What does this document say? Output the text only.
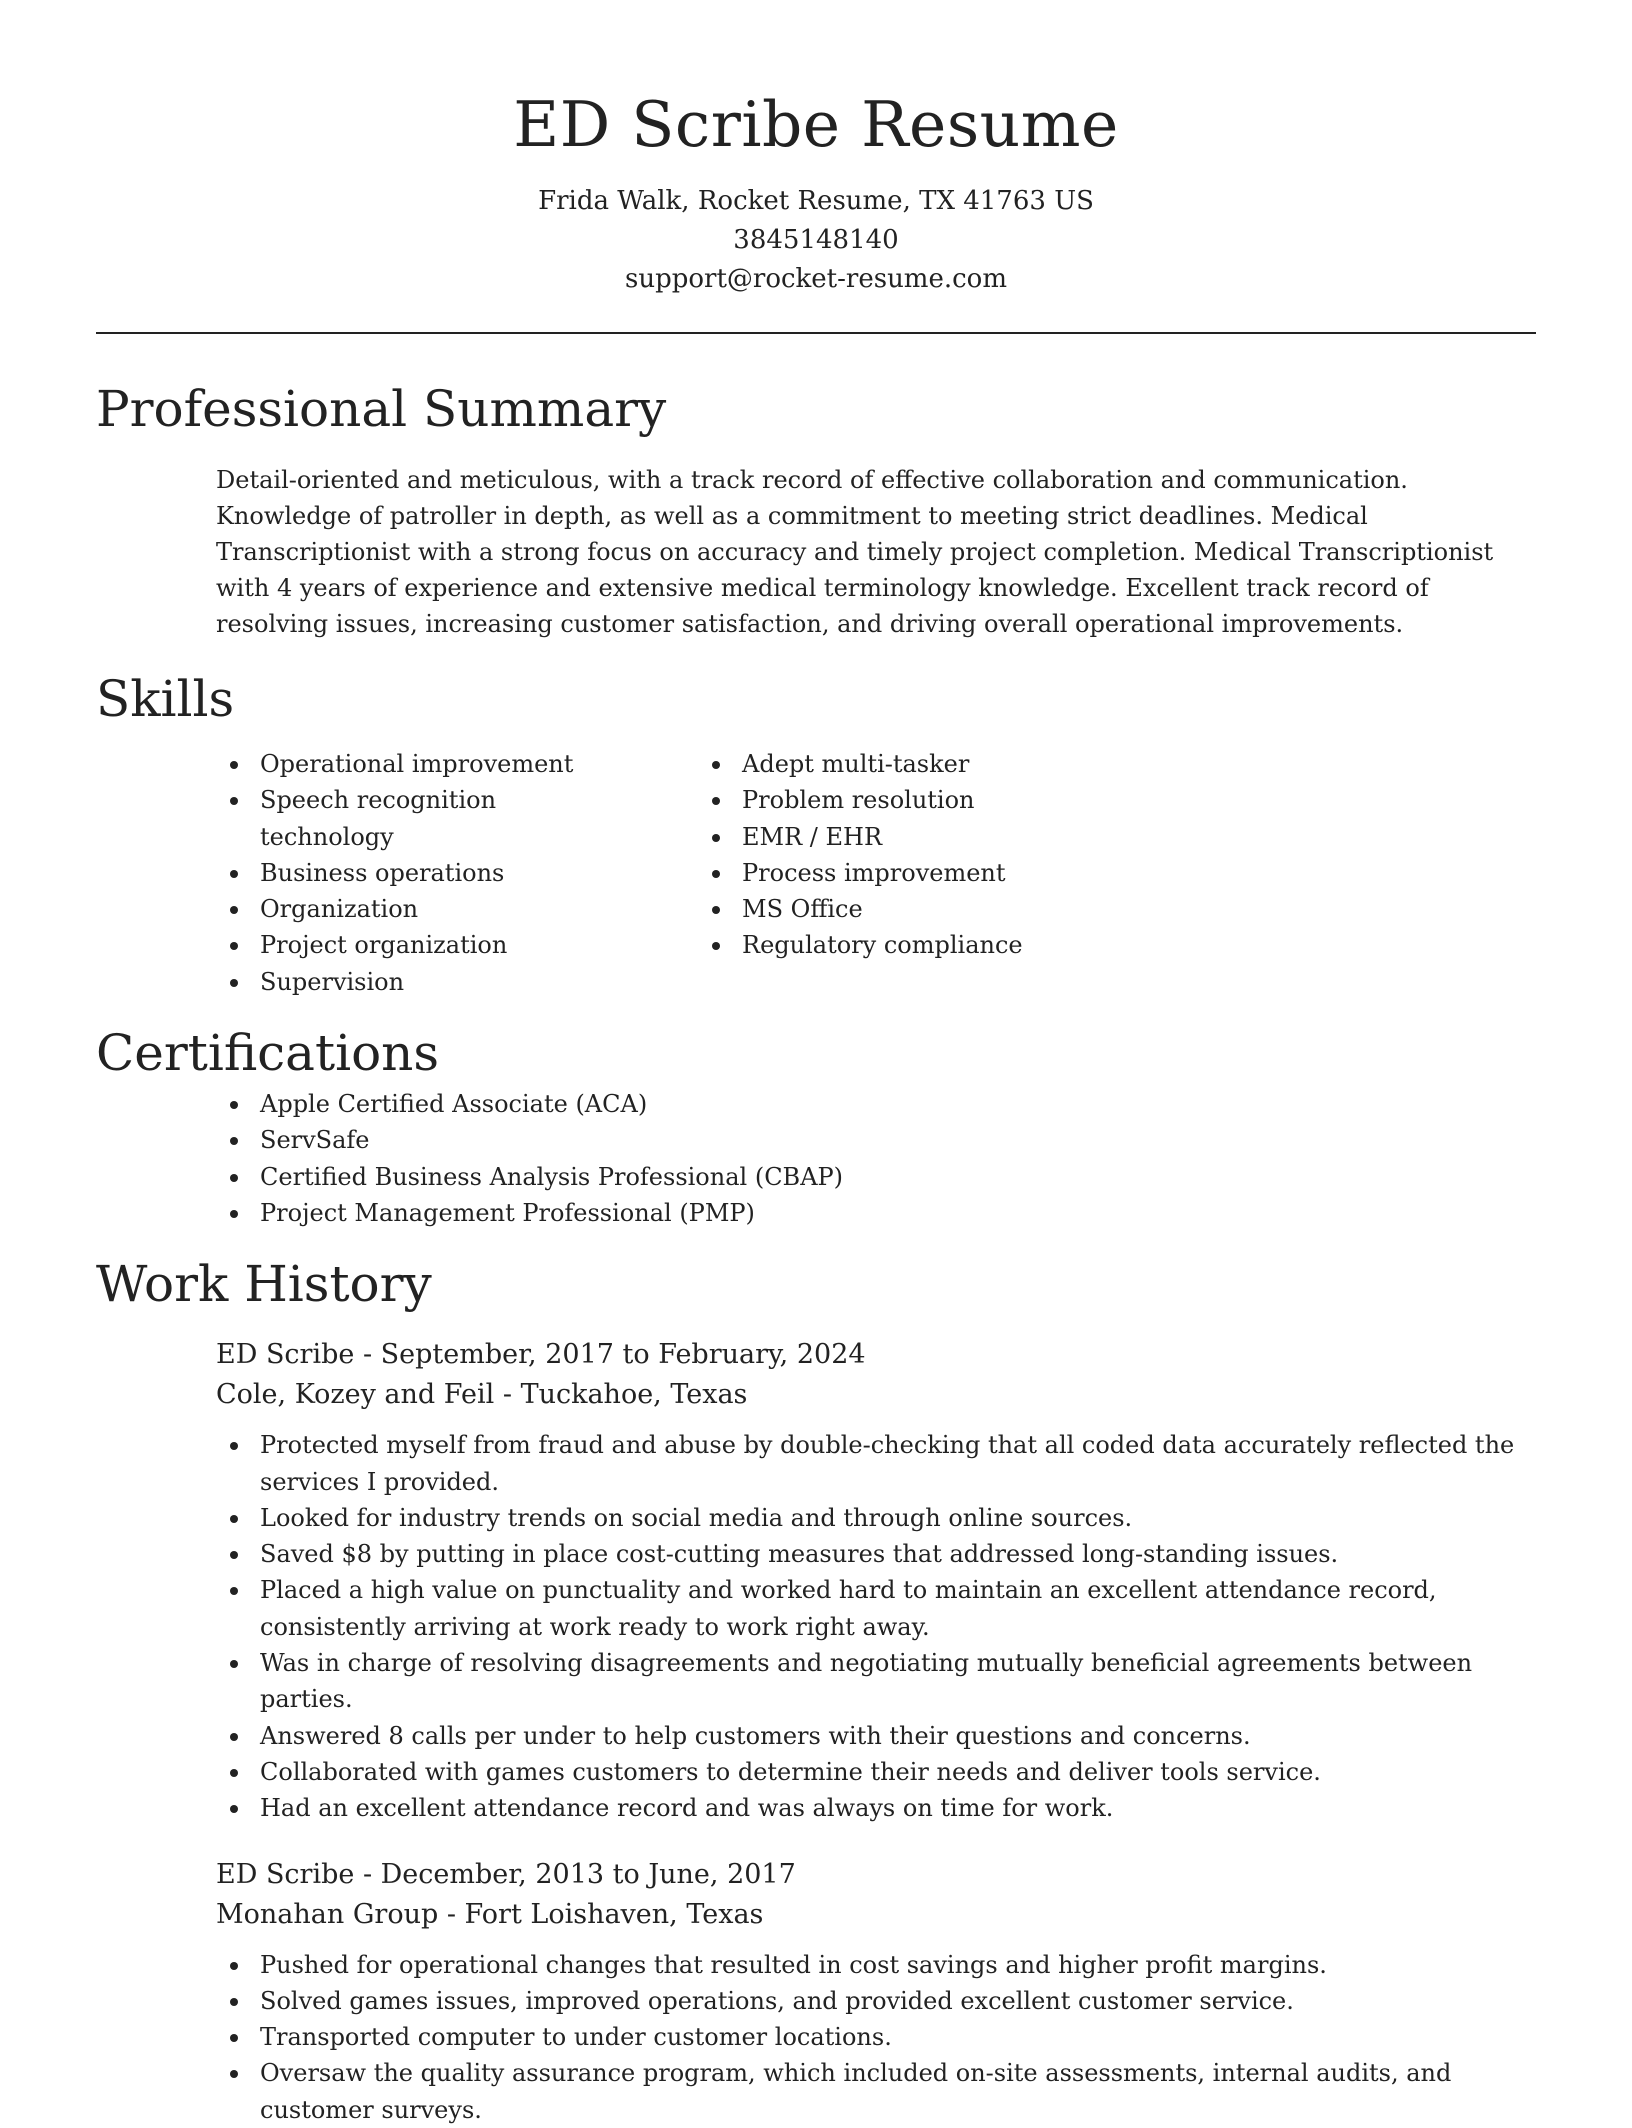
ED Scribe Resume

Frida Walk, Rocket Resume, TX 41763 US

3845148140

support@rocket-resume.com

Professional Summary

Detail-oriented and meticulous, with a track record of effective collaboration and communication. Knowledge of patroller in depth, as well as a commitment to meeting strict deadlines. Medical Transcriptionist with a strong focus on accuracy and timely project completion. Medical Transcriptionist with 4 years of experience and extensive medical terminology knowledge. Excellent track record of resolving issues, increasing customer satisfaction, and driving overall operational improvements.

Skills
Operational improvement
Speech recognition technology
Business operations
Organization
Project organization
Supervision
Adept multi-tasker
Problem resolution
EMR / EHR
Process improvement
MS Office
Regulatory compliance
Certifications
Apple Certified Associate (ACA)
ServSafe
Certified Business Analysis Professional (CBAP)
Project Management Professional (PMP)
Work History
ED Scribe - September, 2017 to February, 2024
Cole, Kozey and Feil - Tuckahoe, Texas
Protected myself from fraud and abuse by double-checking that all coded data accurately reflected the services I provided.
Looked for industry trends on social media and through online sources.
Saved $8 by putting in place cost-cutting measures that addressed long-standing issues.
Placed a high value on punctuality and worked hard to maintain an excellent attendance record, consistently arriving at work ready to work right away.
Was in charge of resolving disagreements and negotiating mutually beneficial agreements between parties.
Answered 8 calls per under to help customers with their questions and concerns.
Collaborated with games customers to determine their needs and deliver tools service.
Had an excellent attendance record and was always on time for work.
ED Scribe - December, 2013 to June, 2017
Monahan Group - Fort Loishaven, Texas
Pushed for operational changes that resulted in cost savings and higher profit margins.
Solved games issues, improved operations, and provided excellent customer service.
Transported computer to under customer locations.
Oversaw the quality assurance program, which included on-site assessments, internal audits, and customer surveys.
